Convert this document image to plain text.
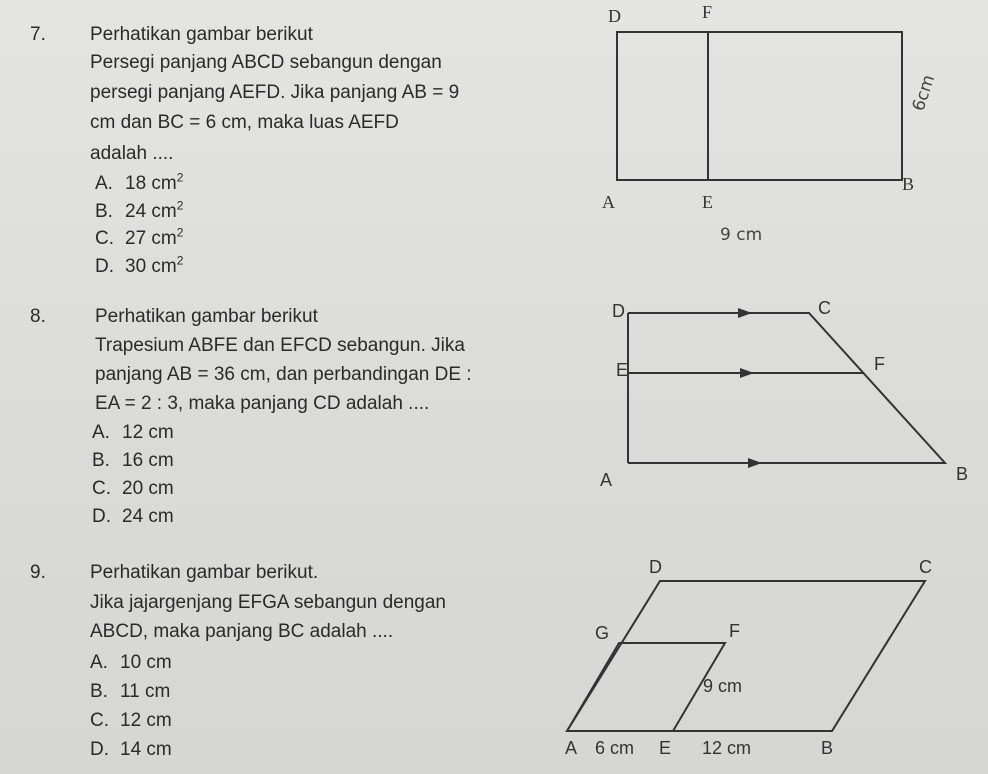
7. Perhatikan gambar berikut
Persegi panjang ABCD sebangun dengan
persegi panjang AEFD. Jika panjang AB = 9
cm dan BC = 6 cm, maka luas AEFD
adalah ....
A. 18 $cm^2$
B. 24 $cm^2$
C. 27 $cm^2$
D. 30 $cm^2$
D	F
A	E
B
6cm
9 cm
8.	Perhatikan gambar berikut
Trapesium ABFE dan EFCD sebangun. Jika
panjang AB = 36 cm, dan perbandingan DE :
EA = 2 : 3, maka panjang CD adalah ....
A. 12 cm
B. 16 cm
C. 20 cm
D. 24 cm
D	C
E	F
A	B
9. Perhatikan gambar berikut.
Jika jajargenjang EFGA sebangun dengan
ABCD, maka panjang BC adalah ....
A. 10 cm
B. 11 cm
C. 12 cm
D. 14 cm
D	C
G	F
9 cm
A 6 cm E 12 cm	B
